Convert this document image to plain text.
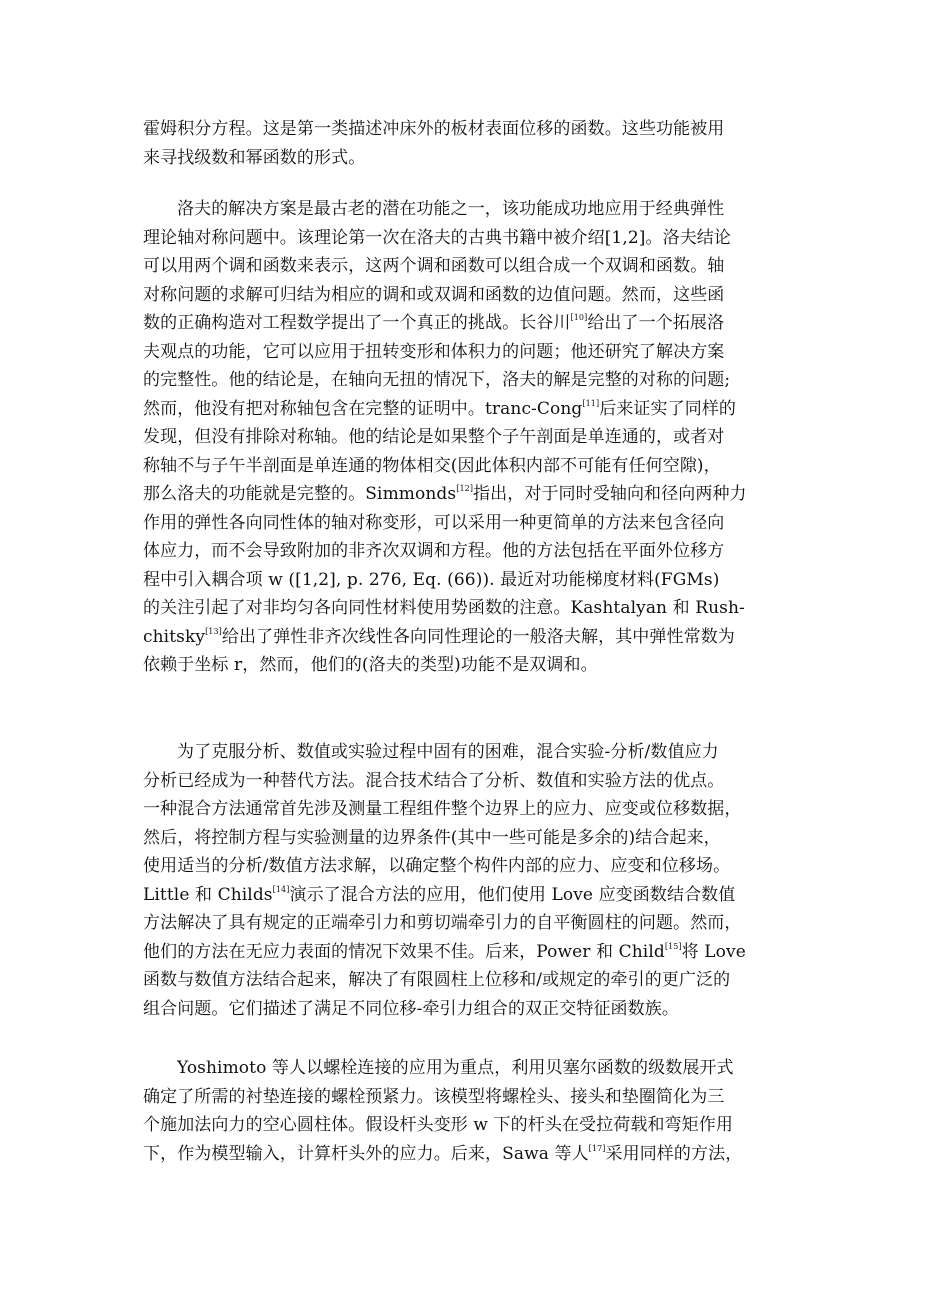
霍姆积分方程。这是第一类描述冲床外的板材表面位移的函数。这些功能被用
来寻找级数和幂函数的形式。
洛夫的解决方案是最古老的潜在功能之一，该功能成功地应用于经典弹性
理论轴对称问题中。该理论第一次在洛夫的古典书籍中被介绍[1,2]。洛夫结论
可以用两个调和函数来表示，这两个调和函数可以组合成一个双调和函数。轴
对称问题的求解可归结为相应的调和或双调和函数的边值问题。然而，这些函
数的正确构造对工程数学提出了一个真正的挑战。长谷川[10]给出了一个拓展洛
夫观点的功能，它可以应用于扭转变形和体积力的问题；他还研究了解决方案
的完整性。他的结论是，在轴向无扭的情况下，洛夫的解是完整的对称的问题;
然而，他没有把对称轴包含在完整的证明中。tranc-Cong[11]后来证实了同样的
发现，但没有排除对称轴。他的结论是如果整个子午剖面是单连通的，或者对
称轴不与子午半剖面是单连通的物体相交(因此体积内部不可能有任何空隙)，
那么洛夫的功能就是完整的。Simmonds[12]指出，对于同时受轴向和径向两种力
作用的弹性各向同性体的轴对称变形，可以采用一种更简单的方法来包含径向
体应力，而不会导致附加的非齐次双调和方程。他的方法包括在平面外位移方
程中引入耦合项 w ([1,2], p. 276, Eq. (66)). 最近对功能梯度材料(FGMs)
的关注引起了对非均匀各向同性材料使用势函数的注意。Kashtalyan 和 Rush-
chitsky[13]给出了弹性非齐次线性各向同性理论的一般洛夫解，其中弹性常数为
依赖于坐标 r，然而，他们的(洛夫的类型)功能不是双调和。
为了克服分析、数值或实验过程中固有的困难，混合实验-分析/数值应力
分析已经成为一种替代方法。混合技术结合了分析、数值和实验方法的优点。
一种混合方法通常首先涉及测量工程组件整个边界上的应力、应变或位移数据，
然后，将控制方程与实验测量的边界条件(其中一些可能是多余的)结合起来，
使用适当的分析/数值方法求解，以确定整个构件内部的应力、应变和位移场。
Little 和 Childs[14]演示了混合方法的应用，他们使用 Love 应变函数结合数值
方法解决了具有规定的正端牵引力和剪切端牵引力的自平衡圆柱的问题。然而，
他们的方法在无应力表面的情况下效果不佳。后来，Power 和 Child[15]将 Love
函数与数值方法结合起来，解决了有限圆柱上位移和/或规定的牵引的更广泛的
组合问题。它们描述了满足不同位移-牵引力组合的双正交特征函数族。
Yoshimoto 等人以螺栓连接的应用为重点，利用贝塞尔函数的级数展开式
确定了所需的衬垫连接的螺栓预紧力。该模型将螺栓头、接头和垫圈简化为三
个施加法向力的空心圆柱体。假设杆头变形 w 下的杆头在受拉荷载和弯矩作用
下，作为模型输入，计算杆头外的应力。后来，Sawa 等人[17]采用同样的方法，
